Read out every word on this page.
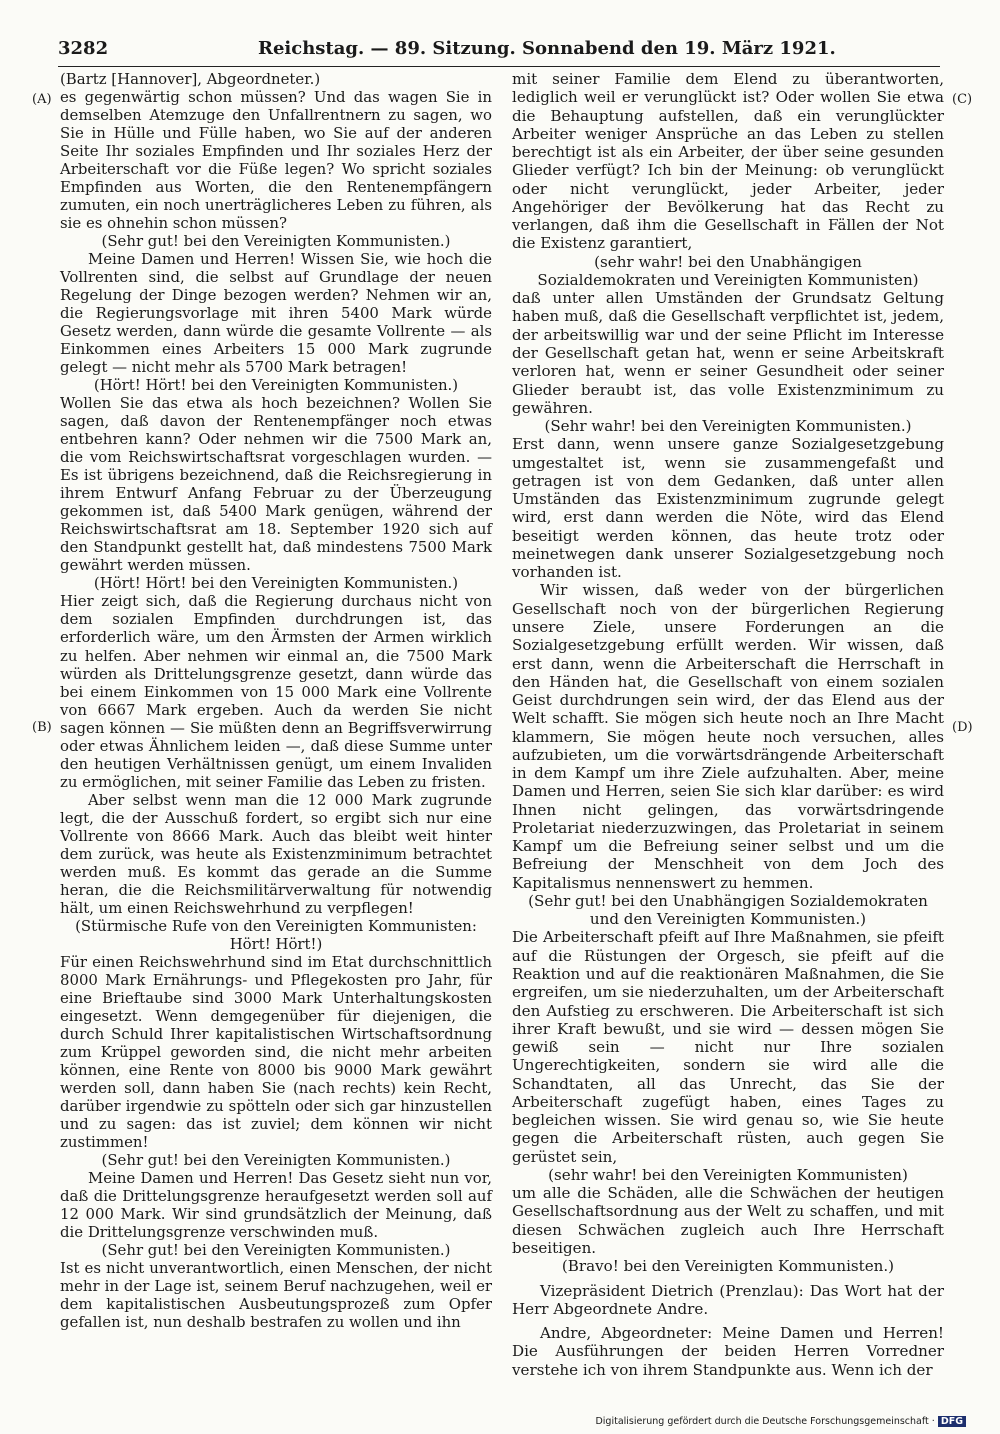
3282	Reichstag. — 89. Sitzung. Sonnabend den 19. März 1921.

(Bartz [Hannover], Abgeordneter.)

es gegenwärtig schon müssen? Und das wagen Sie in demselben Atemzuge den Unfallrentnern zu sagen, wo Sie in Hülle und Fülle haben, wo Sie auf der anderen Seite Ihr soziales Empfinden und Ihr soziales Herz der Arbeiterschaft vor die Füße legen? Wo spricht soziales Empfinden aus Worten, die den Rentenempfängern zumuten, ein noch unerträglicheres Leben zu führen, als sie es ohnehin schon müssen?

(Sehr gut! bei den Vereinigten Kommunisten.)

Meine Damen und Herren! Wissen Sie, wie hoch die Vollrenten sind, die selbst auf Grundlage der neuen Regelung der Dinge bezogen werden? Nehmen wir an, die Regierungsvorlage mit ihren 5400 Mark würde Gesetz werden, dann würde die gesamte Vollrente — als Einkommen eines Arbeiters 15 000 Mark zugrunde gelegt — nicht mehr als 5700 Mark betragen!

(Hört! Hört! bei den Vereinigten Kommunisten.)

Wollen Sie das etwa als hoch bezeichnen? Wollen Sie sagen, daß davon der Rentenempfänger noch etwas entbehren kann? Oder nehmen wir die 7500 Mark an, die vom Reichswirtschaftsrat vorgeschlagen wurden. — Es ist übrigens bezeichnend, daß die Reichsregierung in ihrem Entwurf Anfang Februar zu der Überzeugung gekommen ist, daß 5400 Mark genügen, während der Reichswirtschaftsrat am 18. September 1920 sich auf den Standpunkt gestellt hat, daß mindestens 7500 Mark gewährt werden müssen.

(Hört! Hört! bei den Vereinigten Kommunisten.)

Hier zeigt sich, daß die Regierung durchaus nicht von dem sozialen Empfinden durchdrungen ist, das erforderlich wäre, um den Ärmsten der Armen wirklich zu helfen. Aber nehmen wir einmal an, die 7500 Mark würden als Drittelungsgrenze gesetzt, dann würde das bei einem Einkommen von 15 000 Mark eine Vollrente von 6667 Mark ergeben. Auch da werden Sie nicht sagen können — Sie müßten denn an Begriffsverwirrung oder etwas Ähnlichem leiden —, daß diese Summe unter den heutigen Verhältnissen genügt, um einem Invaliden zu ermöglichen, mit seiner Familie das Leben zu fristen.

Aber selbst wenn man die 12 000 Mark zugrunde legt, die der Ausschuß fordert, so ergibt sich nur eine Vollrente von 8666 Mark. Auch das bleibt weit hinter dem zurück, was heute als Existenzminimum betrachtet werden muß. Es kommt das gerade an die Summe heran, die die Reichsmilitärverwaltung für notwendig hält, um einen Reichswehrhund zu verpflegen!

(Stürmische Rufe von den Vereinigten Kommunisten: Hört! Hört!)

Für einen Reichswehrhund sind im Etat durchschnittlich 8000 Mark Ernährungs- und Pflegekosten pro Jahr, für eine Brieftaube sind 3000 Mark Unterhaltungskosten eingesetzt. Wenn demgegenüber für diejenigen, die durch Schuld Ihrer kapitalistischen Wirtschaftsordnung zum Krüppel geworden sind, die nicht mehr arbeiten können, eine Rente von 8000 bis 9000 Mark gewährt werden soll, dann haben Sie (nach rechts) kein Recht, darüber irgendwie zu spötteln oder sich gar hinzustellen und zu sagen: das ist zuviel; dem können wir nicht zustimmen!

(Sehr gut! bei den Vereinigten Kommunisten.)

Meine Damen und Herren! Das Gesetz sieht nun vor, daß die Drittelungsgrenze heraufgesetzt werden soll auf 12 000 Mark. Wir sind grundsätzlich der Meinung, daß die Drittelungsgrenze verschwinden muß.

(Sehr gut! bei den Vereinigten Kommunisten.)

Ist es nicht unverantwortlich, einen Menschen, der nicht mehr in der Lage ist, seinem Beruf nachzugehen, weil er dem kapitalistischen Ausbeutungsprozeß zum Opfer gefallen ist, nun deshalb bestrafen zu wollen und ihn

mit seiner Familie dem Elend zu überantworten, lediglich weil er verunglückt ist? Oder wollen Sie etwa die Behauptung aufstellen, daß ein verunglückter Arbeiter weniger Ansprüche an das Leben zu stellen berechtigt ist als ein Arbeiter, der über seine gesunden Glieder verfügt? Ich bin der Meinung: ob verunglückt oder nicht verunglückt, jeder Arbeiter, jeder Angehöriger der Bevölkerung hat das Recht zu verlangen, daß ihm die Gesellschaft in Fällen der Not die Existenz garantiert,

(sehr wahr! bei den Unabhängigen Sozialdemokraten und Vereinigten Kommunisten)

daß unter allen Umständen der Grundsatz Geltung haben muß, daß die Gesellschaft verpflichtet ist, jedem, der arbeitswillig war und der seine Pflicht im Interesse der Gesellschaft getan hat, wenn er seine Arbeitskraft verloren hat, wenn er seiner Gesundheit oder seiner Glieder beraubt ist, das volle Existenzminimum zu gewähren.

(Sehr wahr! bei den Vereinigten Kommunisten.)

Erst dann, wenn unsere ganze Sozialgesetzgebung umgestaltet ist, wenn sie zusammengefaßt und getragen ist von dem Gedanken, daß unter allen Umständen das Existenzminimum zugrunde gelegt wird, erst dann werden die Nöte, wird das Elend beseitigt werden können, das heute trotz oder meinetwegen dank unserer Sozialgesetzgebung noch vorhanden ist.

Wir wissen, daß weder von der bürgerlichen Gesellschaft noch von der bürgerlichen Regierung unsere Ziele, unsere Forderungen an die Sozialgesetzgebung erfüllt werden. Wir wissen, daß erst dann, wenn die Arbeiterschaft die Herrschaft in den Händen hat, die Gesellschaft von einem sozialen Geist durchdrungen sein wird, der das Elend aus der Welt schafft. Sie mögen sich heute noch an Ihre Macht klammern, Sie mögen heute noch versuchen, alles aufzubieten, um die vorwärtsdrängende Arbeiterschaft in dem Kampf um ihre Ziele aufzuhalten. Aber, meine Damen und Herren, seien Sie sich klar darüber: es wird Ihnen nicht gelingen, das vorwärtsdringende Proletariat niederzuzwingen, das Proletariat in seinem Kampf um die Befreiung seiner selbst und um die Befreiung der Menschheit von dem Joch des Kapitalismus nennenswert zu hemmen.

(Sehr gut! bei den Unabhängigen Sozialdemokraten und den Vereinigten Kommunisten.)

Die Arbeiterschaft pfeift auf Ihre Maßnahmen, sie pfeift auf die Rüstungen der Orgesch, sie pfeift auf die Reaktion und auf die reaktionären Maßnahmen, die Sie ergreifen, um sie niederzuhalten, um der Arbeiterschaft den Aufstieg zu erschweren. Die Arbeiterschaft ist sich ihrer Kraft bewußt, und sie wird — dessen mögen Sie gewiß sein — nicht nur Ihre sozialen Ungerechtigkeiten, sondern sie wird alle die Schandtaten, all das Unrecht, das Sie der Arbeiterschaft zugefügt haben, eines Tages zu begleichen wissen. Sie wird genau so, wie Sie heute gegen die Arbeiterschaft rüsten, auch gegen Sie gerüstet sein,

(sehr wahr! bei den Vereinigten Kommunisten)

um alle die Schäden, alle die Schwächen der heutigen Gesellschaftsordnung aus der Welt zu schaffen, und mit diesen Schwächen zugleich auch Ihre Herrschaft beseitigen.

(Bravo! bei den Vereinigten Kommunisten.)

Vizepräsident Dietrich (Prenzlau): Das Wort hat der Herr Abgeordnete Andre.

Andre, Abgeordneter: Meine Damen und Herren! Die Ausführungen der beiden Herren Vorredner verstehe ich von ihrem Standpunkte aus. Wenn ich der

(A)
(B)
(C)
(D)
Digitalisierung gefördert durch die Deutsche Forschungsgemeinschaft · DFG
